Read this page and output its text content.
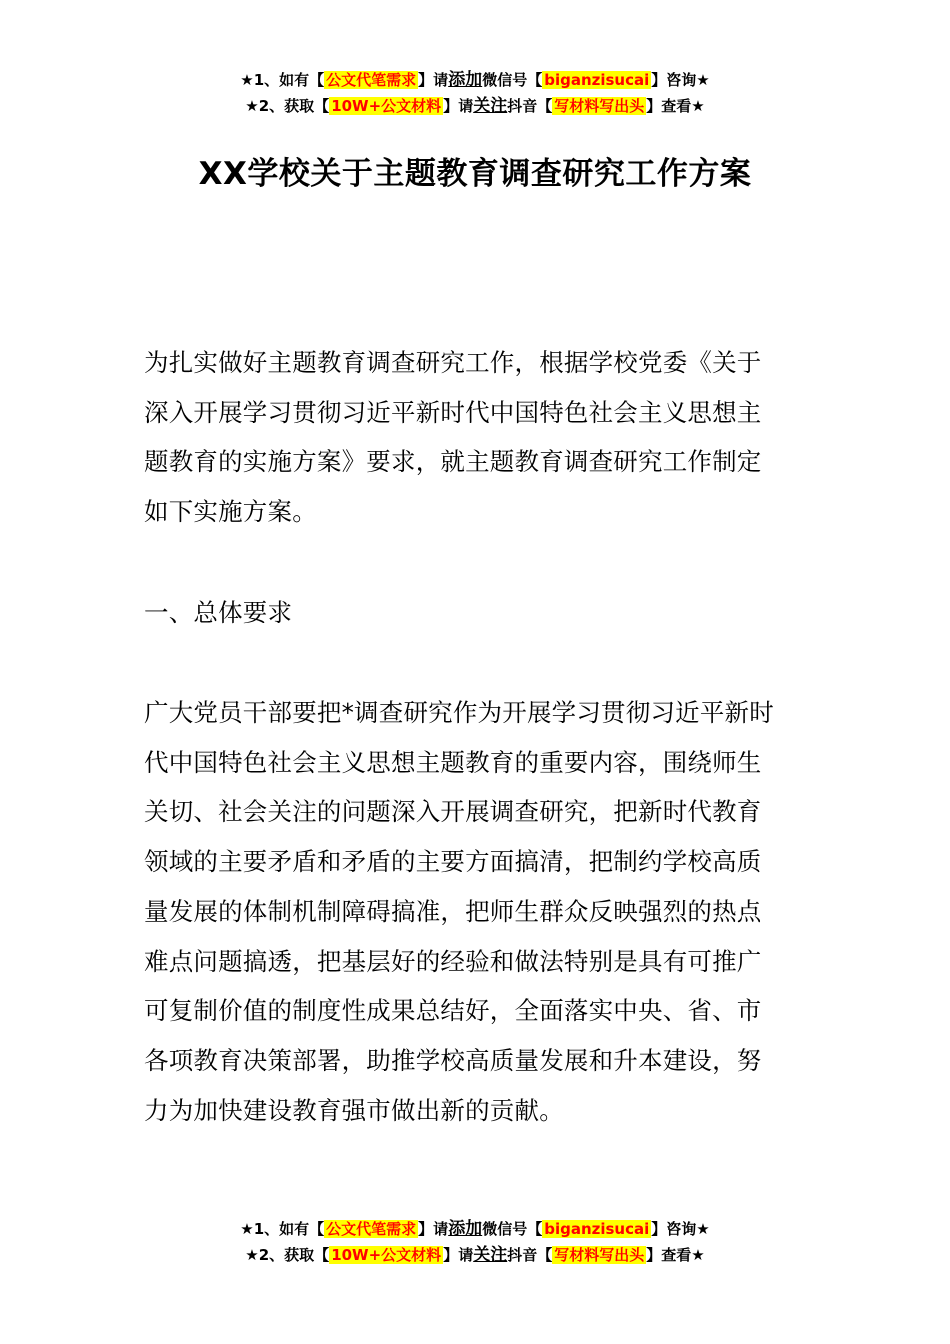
★1、如有【 公文代笔需求 】请添加微信号【 biganzisucai 】咨询★
★2、获取【 10W+公文材料 】请关注抖音【 写材料写出头 】查看★
XX学校关于主题教育调查研究工作方案
为扎实做好主题教育调查研究工作，根据学校党委《关于
深入开展学习贯彻习近平新时代中国特色社会主义思想主
题教育的实施方案》要求，就主题教育调查研究工作制定
如下实施方案。
一、总体要求
广大党员干部要把*调查研究作为开展学习贯彻习近平新时
代中国特色社会主义思想主题教育的重要内容，围绕师生
关切、社会关注的问题深入开展调查研究，把新时代教育
领域的主要矛盾和矛盾的主要方面搞清，把制约学校高质
量发展的体制机制障碍搞准，把师生群众反映强烈的热点
难点问题搞透，把基层好的经验和做法特别是具有可推广
可复制价值的制度性成果总结好，全面落实中央、省、市
各项教育决策部署，助推学校高质量发展和升本建设，努
力为加快建设教育强市做出新的贡献。
★1、如有【 公文代笔需求 】请添加微信号【 biganzisucai 】咨询★
★2、获取【 10W+公文材料 】请关注抖音【 写材料写出头 】查看★
